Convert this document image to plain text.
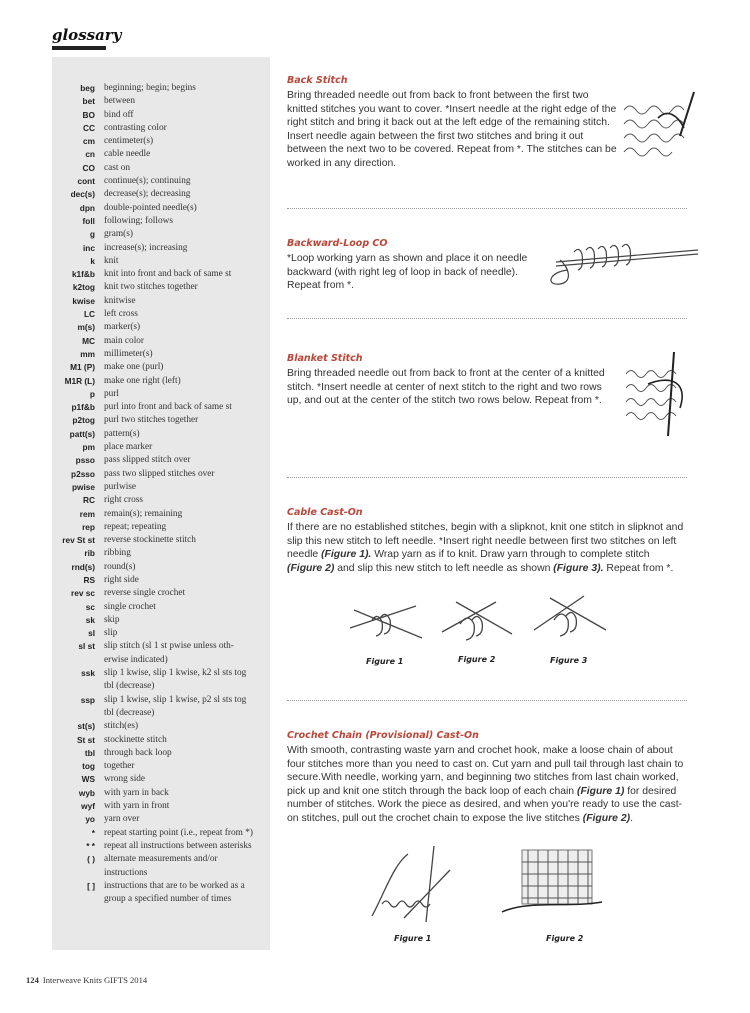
glossary
beg beginning; begin; begins
bet between
BO bind off
CC contrasting color
cm centimeter(s)
cn cable needle
CO cast on
cont continue(s); continuing
dec(s) decrease(s); decreasing
dpn double-pointed needle(s)
foll following; follows
g gram(s)
inc increase(s); increasing
k knit
k1f&b knit into front and back of same st
k2tog knit two stitches together
kwise knitwise
LC left cross
m(s) marker(s)
MC main color
mm millimeter(s)
M1 (P) make one (purl)
M1R (L) make one right (left)
p purl
p1f&b purl into front and back of same st
p2tog purl two stitches together
patt(s) pattern(s)
pm place marker
psso pass slipped stitch over
p2sso pass two slipped stitches over
pwise purlwise
RC right cross
rem remain(s); remaining
rep repeat; repeating
rev St st reverse stockinette stitch
rib ribbing
rnd(s) round(s)
RS right side
rev sc reverse single crochet
sc single crochet
sk skip
sl slip
sl st slip stitch (sl 1 st pwise unless oth-erwise indicated)
ssk slip 1 kwise, slip 1 kwise, k2 sl sts tog tbl (decrease)
ssp slip 1 kwise, slip 1 kwise, p2 sl sts tog tbl (decrease)
st(s) stitch(es)
St st stockinette stitch
tbl through back loop
tog together
WS wrong side
wyb with yarn in back
wyf with yarn in front
yo yarn over
* repeat starting point (i.e., repeat from *)
* * repeat all instructions between asterisks
( ) alternate measurements and/or instructions
[ ] instructions that are to be worked as a group a specified number of times
Back Stitch

Bring threaded needle out from back to front between the first two knitted stitches you want to cover. *Insert needle at the right edge of the right stitch and bring it back out at the left edge of the remaining stitch. Insert needle again between the first two stitches and bring it out between the next two to be covered. Repeat from *. The stitches can be worked in any direction.

Backward-Loop CO

*Loop working yarn as shown and place it on needle backward (with right leg of loop in back of needle). Repeat from *.

Blanket Stitch

Bring threaded needle out from back to front at the center of a knitted stitch. *Insert needle at center of next stitch to the right and two rows up, and out at the center of the stitch two rows below. Repeat from *.

Cable Cast-On

If there are no established stitches, begin with a slipknot, knit one stitch in slipknot and slip this new stitch to left needle. *Insert right needle between first two stitches on left needle (Figure 1). Wrap yarn as if to knit. Draw yarn through to complete stitch (Figure 2) and slip this new stitch to left needle as shown (Figure 3). Repeat from *.

Figure 1	Figure 2	Figure 3
Crochet Chain (Provisional) Cast-On

With smooth, contrasting waste yarn and crochet hook, make a loose chain of about four stitches more than you need to cast on. Cut yarn and pull tail through last chain to secure.With needle, working yarn, and beginning two stitches from last chain worked, pick up and knit one stitch through the back loop of each chain (Figure 1) for desired number of stitches. Work the piece as desired, and when you're ready to use the cast-on stitches, pull out the crochet chain to expose the live stitches (Figure 2).

Figure 1	Figure 2
124 Interweave Knits GIFTS 2014
